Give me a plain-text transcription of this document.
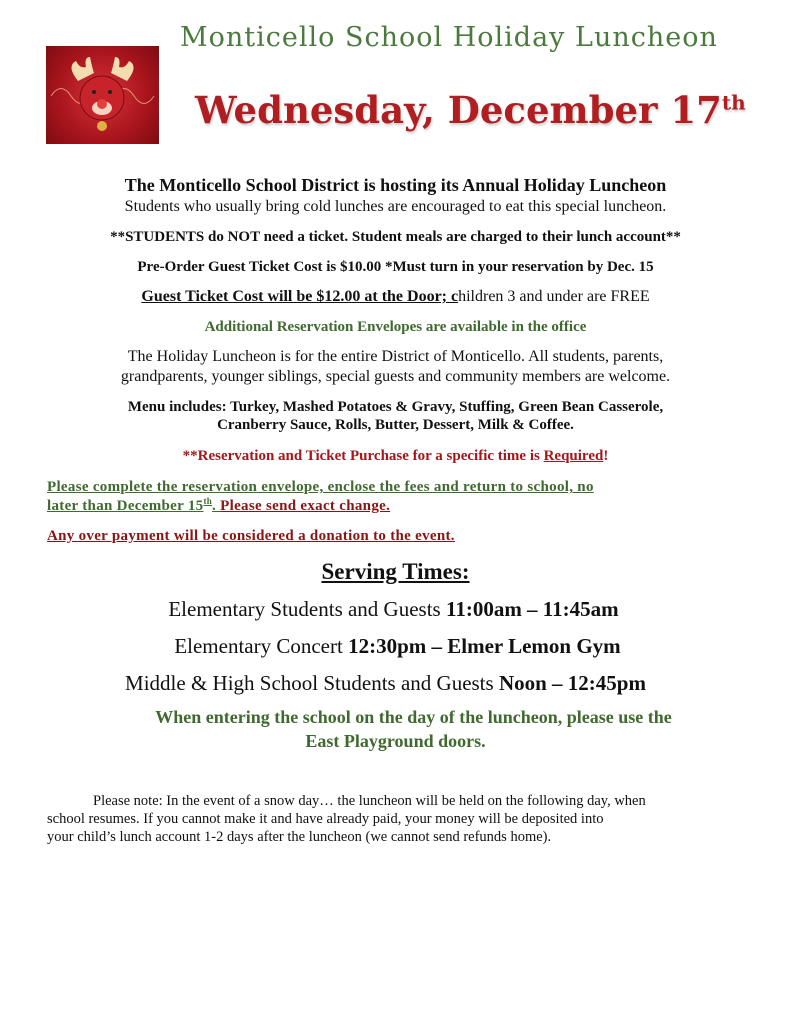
Monticello School Holiday Luncheon
Wednesday, December 17th
The Monticello School District is hosting its Annual Holiday Luncheon
Students who usually bring cold lunches are encouraged to eat this special luncheon.
**STUDENTS do NOT need a ticket. Student meals are charged to their lunch account**
Pre-Order Guest Ticket Cost is $10.00 *Must turn in your reservation by Dec. 15
Guest Ticket Cost will be $12.00 at the Door; children 3 and under are FREE
Additional Reservation Envelopes are available in the office
The Holiday Luncheon is for the entire District of Monticello. All students, parents,
grandparents, younger siblings, special guests and community members are welcome.
Menu includes: Turkey, Mashed Potatoes & Gravy, Stuffing, Green Bean Casserole,
Cranberry Sauce, Rolls, Butter, Dessert, Milk & Coffee.
**Reservation and Ticket Purchase for a specific time is Required!
Please complete the reservation envelope, enclose the fees and return to school, no
later than December 15th. Please send exact change.
Any over payment will be considered a donation to the event.
Serving Times:
Elementary Students and Guests 11:00am – 11:45am
Elementary Concert 12:30pm – Elmer Lemon Gym
Middle & High School Students and Guests Noon – 12:45pm
When entering the school on the day of the luncheon, please use the
East Playground doors.
Please note: In the event of a snow day… the luncheon will be held on the following day, when
school resumes. If you cannot make it and have already paid, your money will be deposited into
your child’s lunch account 1-2 days after the luncheon (we cannot send refunds home).
